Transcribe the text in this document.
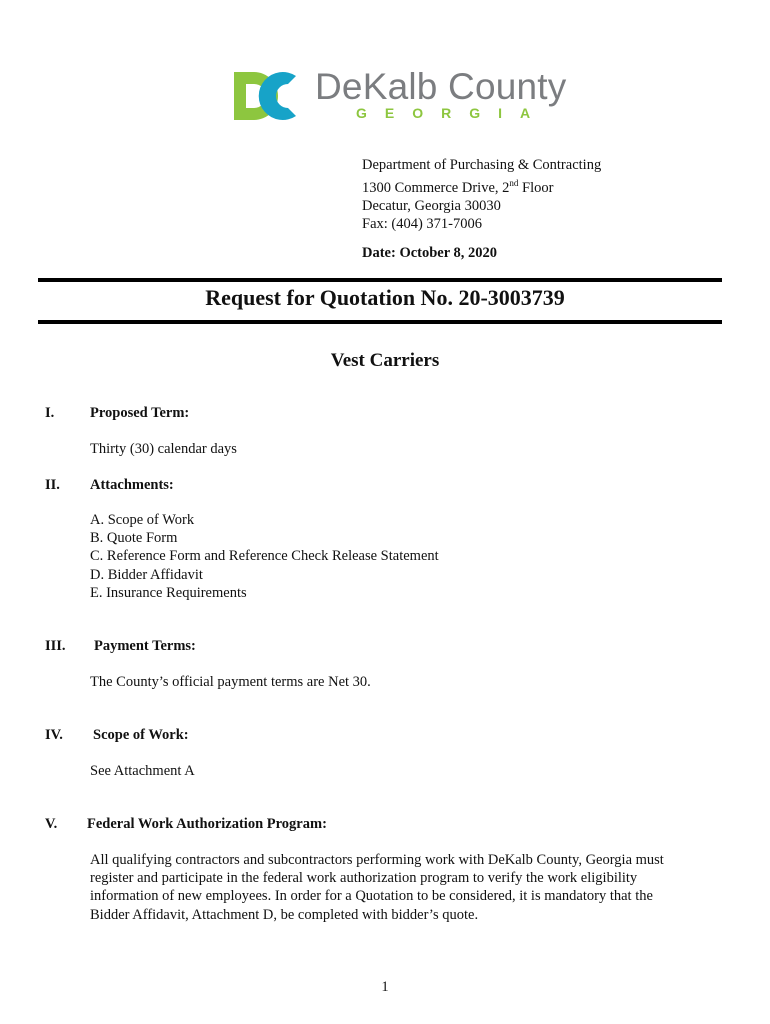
DeKalb County
GEORGIA
Department of Purchasing & Contracting
1300 Commerce Drive, 2nd Floor
Decatur, Georgia 30030
Fax: (404) 371-7006
Date: October 8, 2020
Request for Quotation No. 20-3003739
Vest Carriers
I. Proposed Term:
Thirty (30) calendar days
II. Attachments:
A. Scope of Work
B. Quote Form
C. Reference Form and Reference Check Release Statement
D. Bidder Affidavit
E. Insurance Requirements
III. Payment Terms:
The County’s official payment terms are Net 30.
IV. Scope of Work:
See Attachment A
V. Federal Work Authorization Program:
All qualifying contractors and subcontractors performing work with DeKalb County, Georgia must
register and participate in the federal work authorization program to verify the work eligibility
information of new employees. In order for a Quotation to be considered, it is mandatory that the
Bidder Affidavit, Attachment D, be completed with bidder’s quote.
1
